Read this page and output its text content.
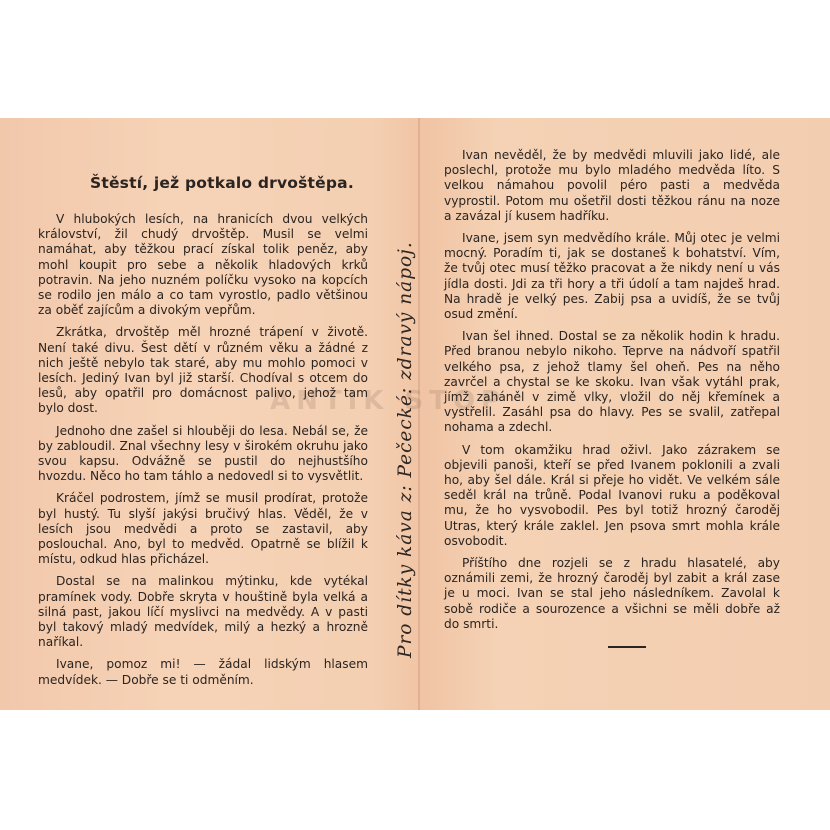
ANTIK STOP
Štěstí, jež potkalo drvoštěpa.

V hlubokých lesích, na hranicích dvou velkých království, žil chudý drvoštěp. Musil se velmi namáhat, aby těžkou prací získal tolik peněz, aby mohl koupit pro sebe a několik hladových krků potravin. Na jeho nuzném políčku vysoko na kopcích se rodilo jen málo a co tam vyrostlo, padlo většinou za oběť zajícům a divokým vepřům.

Zkrátka, drvoštěp měl hrozné trápení v životě. Není také divu. Šest dětí v různém věku a žádné z nich ještě nebylo tak staré, aby mu mohlo pomoci v lesích. Jediný Ivan byl již starší. Chodíval s otcem do lesů, aby opatřil pro domácnost palivo, jehož tam bylo dost.

Jednoho dne zašel si hlouběji do lesa. Nebál se, že by zabloudil. Znal všechny lesy v širokém okruhu jako svou kapsu. Odvážně se pustil do nejhustšího hvozdu. Něco ho tam táhlo a nedovedl si to vysvětlit.

Kráčel podrostem, jímž se musil prodírat, protože byl hustý. Tu slyší jakýsi bručivý hlas. Věděl, že v lesích jsou medvědi a proto se zastavil, aby poslouchal. Ano, byl to medvěd. Opatrně se blížil k místu, odkud hlas přicházel.

Dostal se na malinkou mýtinku, kde vytékal pramínek vody. Dobře skryta v houštině byla velká a silná past, jakou líčí myslivci na medvědy. A v pasti byl takový mladý medvídek, milý a hezký a hrozně naříkal.

Ivane, pomoz mi! — žádal lidským hlasem medvídek. — Dobře se ti odměním.

Pro dítky káva z: Pečecké: zdravý nápoj.

Ivan nevěděl, že by medvědi mluvili jako lidé, ale poslechl, protože mu bylo mladého medvěda líto. S velkou námahou povolil péro pasti a medvěda vyprostil. Potom mu ošetřil dosti těžkou ránu na noze a zavázal jí kusem hadříku.

Ivane, jsem syn medvědího krále. Můj otec je velmi mocný. Poradím ti, jak se dostaneš k bohatství. Vím, že tvůj otec musí těžko pracovat a že nikdy není u vás jídla dosti. Jdi za tři hory a tři údolí a tam najdeš hrad. Na hradě je velký pes. Zabij psa a uvidíš, že se tvůj osud změní.

Ivan šel ihned. Dostal se za několik hodin k hradu. Před branou nebylo nikoho. Teprve na nádvoří spatřil velkého psa, z jehož tlamy šel oheň. Pes na něho zavrčel a chystal se ke skoku. Ivan však vytáhl prak, jímž zaháněl v zimě vlky, vložil do něj křemínek a vystřelil. Zasáhl psa do hlavy. Pes se svalil, zatřepal nohama a zdechl.

V tom okamžiku hrad oživl. Jako zázrakem se objevili panoši, kteří se před Ivanem poklonili a zvali ho, aby šel dále. Král si přeje ho vidět. Ve velkém sále seděl král na trůně. Podal Ivanovi ruku a poděkoval mu, že ho vysvobodil. Pes byl totiž hrozný čaroděj Utras, který krále zaklel. Jen psova smrt mohla krále osvobodit.

Příštího dne rozjeli se z hradu hlasatelé, aby oznámili zemi, že hrozný čaroděj byl zabit a král zase je u moci. Ivan se stal jeho následníkem. Zavolal k sobě rodiče a sourozence a všichni se měli dobře až do smrti.
